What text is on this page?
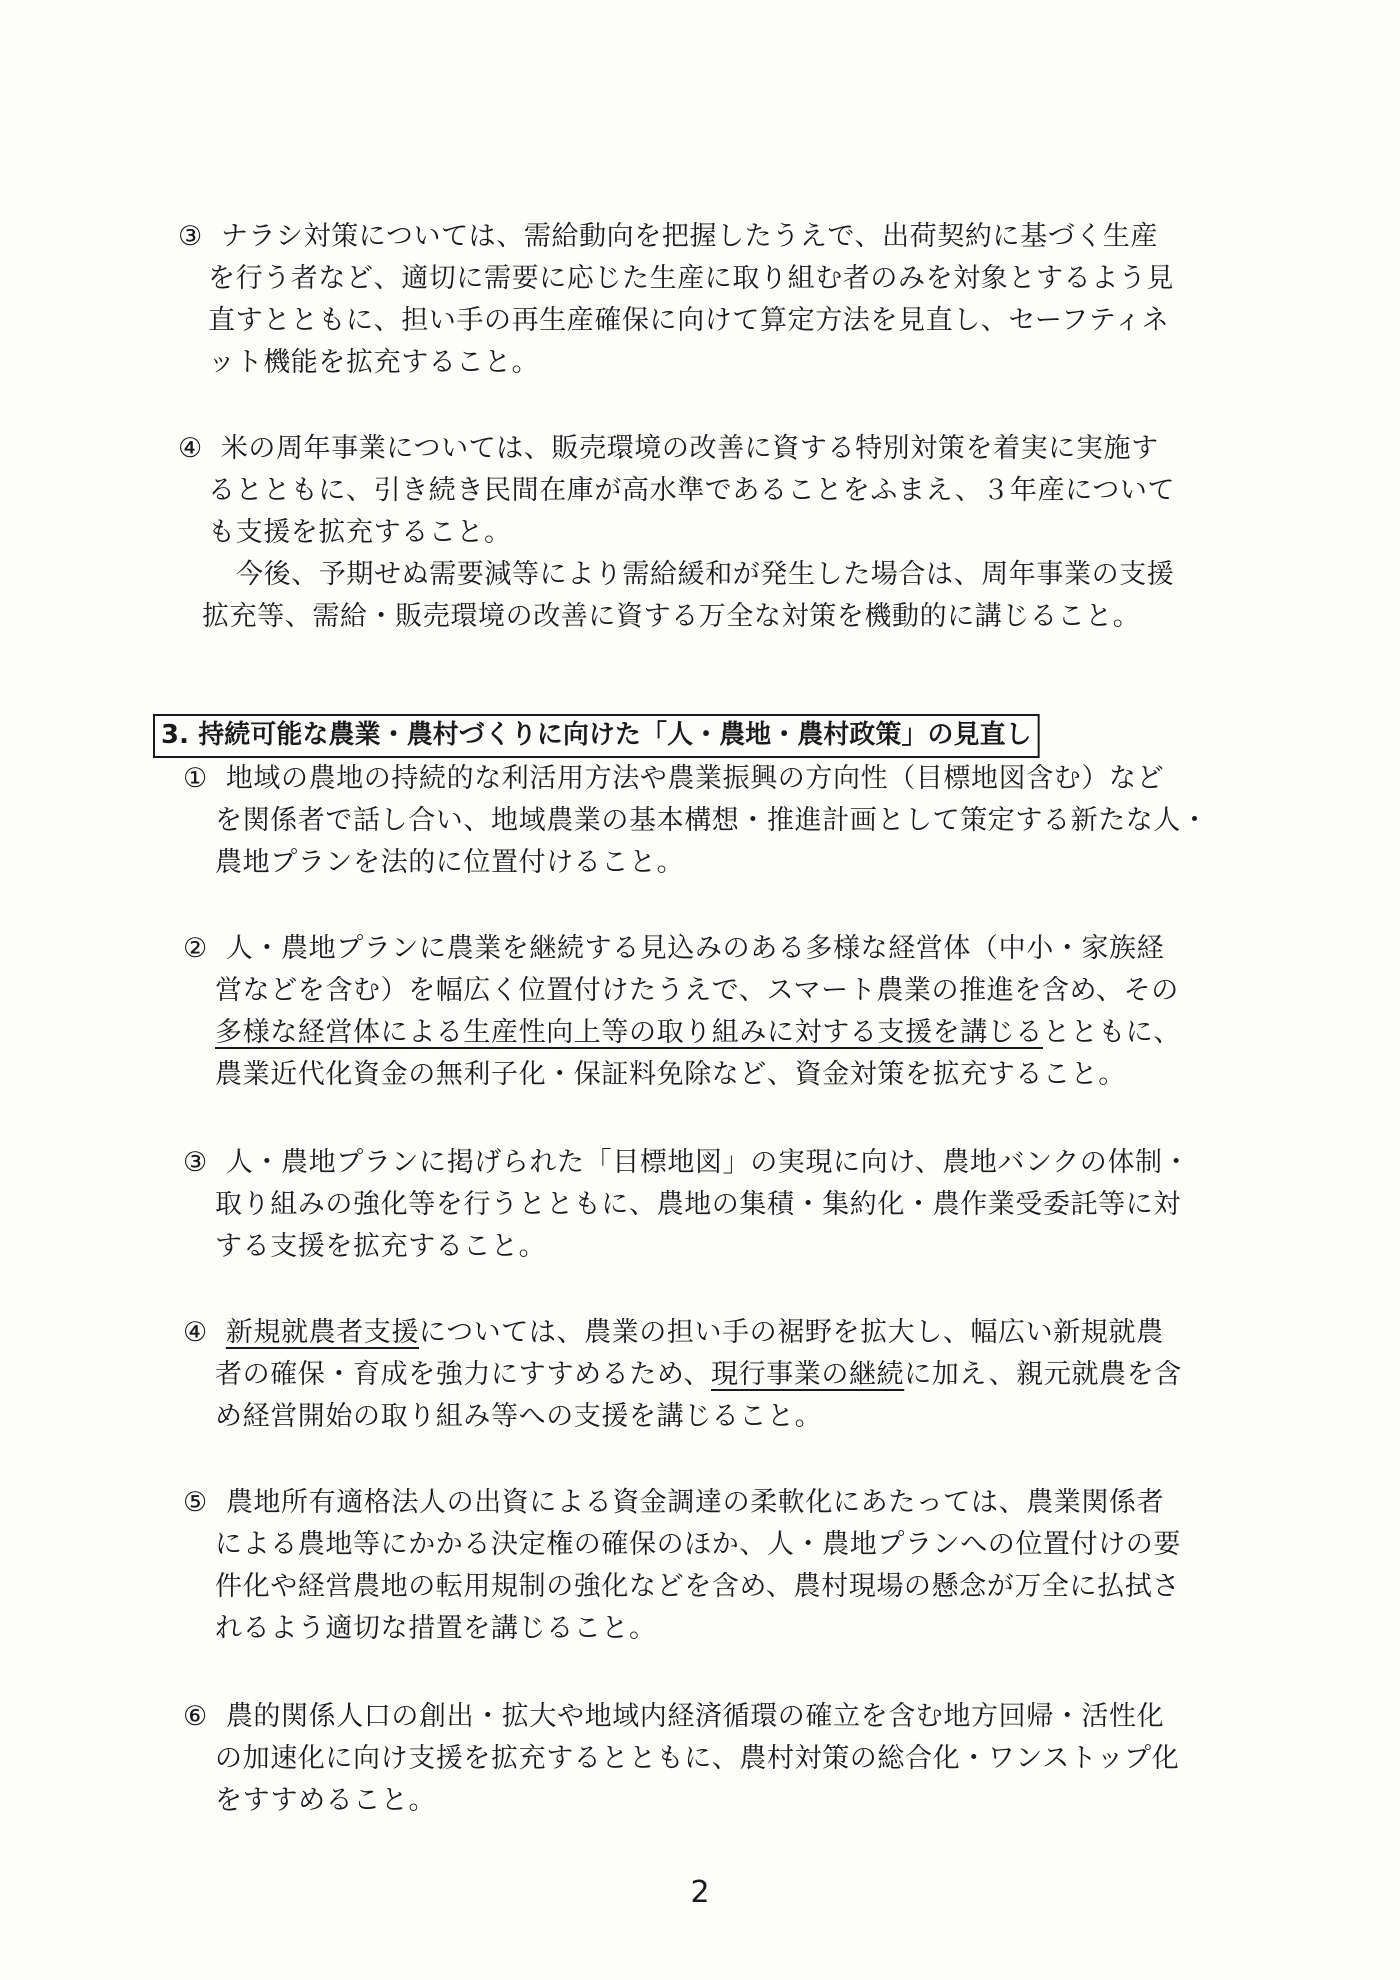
③ ナラシ対策については、需給動向を把握したうえで、出荷契約に基づく生産
を行う者など、適切に需要に応じた生産に取り組む者のみを対象とするよう見
直すとともに、担い手の再生産確保に向けて算定方法を見直し、セーフティネ
ット機能を拡充すること。
④ 米の周年事業については、販売環境の改善に資する特別対策を着実に実施す
るとともに、引き続き民間在庫が高水準であることをふまえ、３年産について
も支援を拡充すること。
今後、予期せぬ需要減等により需給緩和が発生した場合は、周年事業の支援
拡充等、需給・販売環境の改善に資する万全な対策を機動的に講じること。
3. 持続可能な農業・農村づくりに向けた「人・農地・農村政策」の見直し
① 地域の農地の持続的な利活用方法や農業振興の方向性（目標地図含む）など
を関係者で話し合い、地域農業の基本構想・推進計画として策定する新たな人・
農地プランを法的に位置付けること。
② 人・農地プランに農業を継続する見込みのある多様な経営体（中小・家族経
営などを含む）を幅広く位置付けたうえで、スマート農業の推進を含め、その
多様な経営体による生産性向上等の取り組みに対する支援を講じるとともに、
農業近代化資金の無利子化・保証料免除など、資金対策を拡充すること。
③ 人・農地プランに掲げられた「目標地図」の実現に向け、農地バンクの体制・
取り組みの強化等を行うとともに、農地の集積・集約化・農作業受委託等に対
する支援を拡充すること。
④ 新規就農者支援については、農業の担い手の裾野を拡大し、幅広い新規就農
者の確保・育成を強力にすすめるため、現行事業の継続に加え、親元就農を含
め経営開始の取り組み等への支援を講じること。
⑤ 農地所有適格法人の出資による資金調達の柔軟化にあたっては、農業関係者
による農地等にかかる決定権の確保のほか、人・農地プランへの位置付けの要
件化や経営農地の転用規制の強化などを含め、農村現場の懸念が万全に払拭さ
れるよう適切な措置を講じること。
⑥ 農的関係人口の創出・拡大や地域内経済循環の確立を含む地方回帰・活性化
の加速化に向け支援を拡充するとともに、農村対策の総合化・ワンストップ化
をすすめること。
2
